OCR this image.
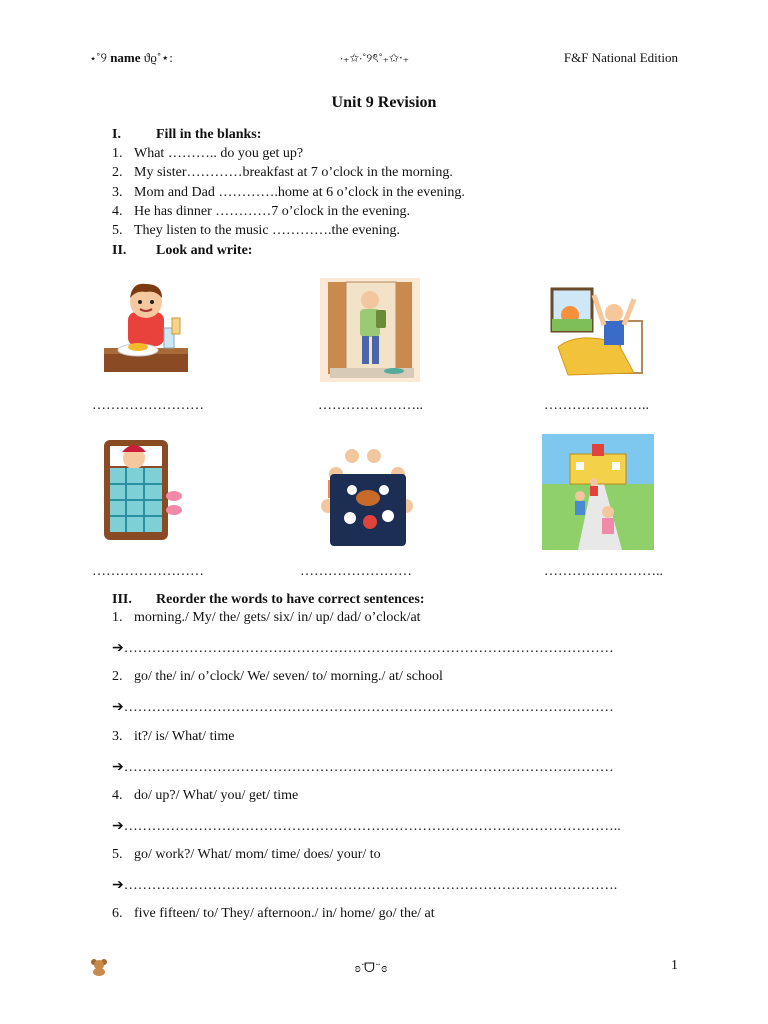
⋆˚୨ name ϑϱ˚⋆:	‧₊✩‧˚୨ৎ˚₊✩‧₊	F&F National Edition
Unit 9 Revision
I.	Fill in the blanks:
1. What ……….. do you get up?
2. My sister…………breakfast at 7 o’clock in the morning.
3. Mom and Dad ………….home at 6 o’clock in the evening.
4. He has dinner …………7 o’clock in the evening.
5. They listen to the music ………….the evening.
II. Look and write:
……………………	…………………..	…………………..
……………………	……………………	……………………..
III. Reorder the words to have correct sentences:
1. morning./ My/ the/ gets/ six/ in/ up/ dad/ o’clock/at
➔……………………………………………………………………………………………
2. go/ the/ in/ o’clock/ We/ seven/ to/ morning./ at/ school
➔……………………………………………………………………………………………
3. it?/ is/ What/ time
➔……………………………………………………………………………………………
4. do/ up?/ What/ you/ get/ time
➔……………………………………………………………………………………………..
5. go/ work?/ What/ mom/ time/ does/ your/ to
➔…………………………………………………………………………………………….
6. five fifteen/ to/ They/ afternoon./ in/ home/ go/ the/ at
ʚ ̈ᗜ ̈ ɞ	1
